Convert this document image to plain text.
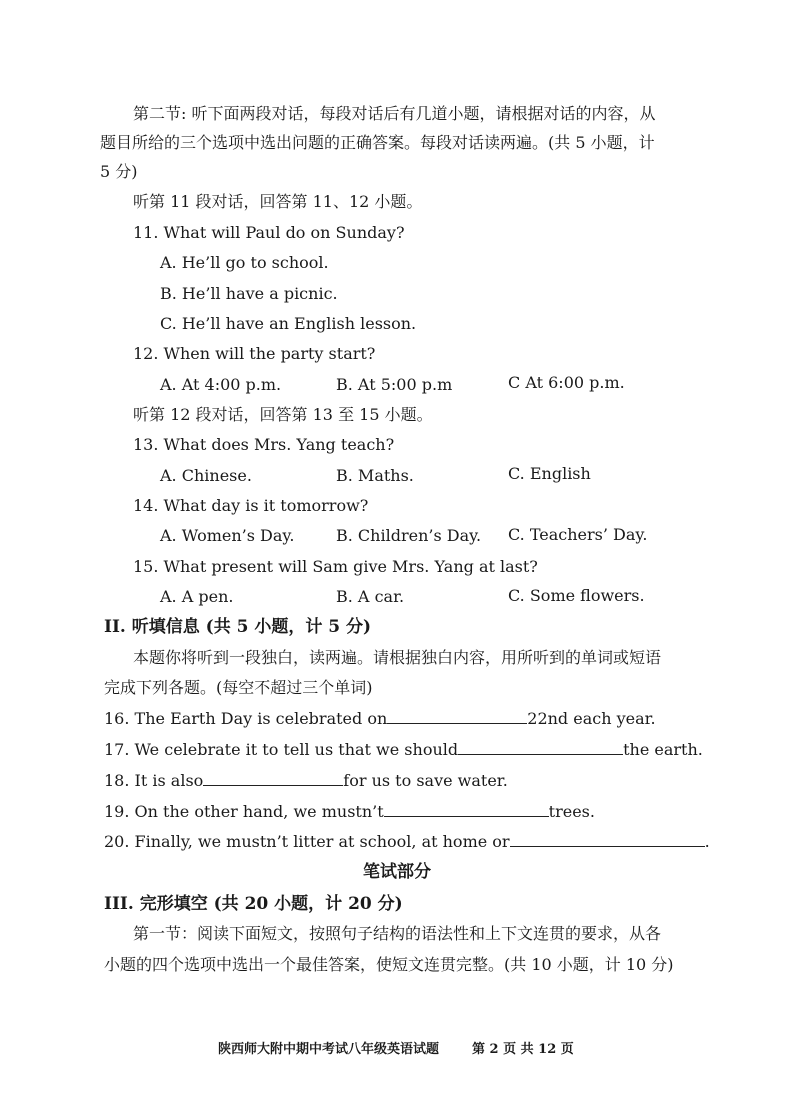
第二节: 听下面两段对话，每段对话后有几道小题，请根据对话的内容，从
题目所给的三个选项中选出问题的正确答案。每段对话读两遍。(共 5 小题，计
5 分)
听第 11 段对话，回答第 11、12 小题。
11. What will Paul do on Sunday?
A. He’ll go to school.
B. He’ll have a picnic.
C. He’ll have an English lesson.
12. When will the party start?
A. At 4:00 p.m.	B. At 5:00 p.m	C At 6:00 p.m.
听第 12 段对话，回答第 13 至 15 小题。
13. What does Mrs. Yang teach?
A. Chinese.	B. Maths.	C. English
14. What day is it tomorrow?
A. Women’s Day.	B. Children’s Day. C. Teachers’ Day.
15. What present will Sam give Mrs. Yang at last?
A. A pen.	B. A car.	C. Some flowers.
II. 听填信息 (共 5 小题，计 5 分)
本题你将听到一段独白，读两遍。请根据独白内容，用所听到的单词或短语
完成下列各题。(每空不超过三个单词)
16. The Earth Day is celebrated on	22nd each year.
17. We celebrate it to tell us that we should	the earth.
18. It is also	for us to save water.
19. On the other hand, we mustn’t	trees.
20. Finally, we mustn’t litter at school, at home or	.
笔试部分
III. 完形填空 (共 20 小题，计 20 分)
第一节：阅读下面短文，按照句子结构的语法性和上下文连贯的要求，从各
小题的四个选项中选出一个最佳答案，使短文连贯完整。(共 10 小题，计 10 分)
陕西师大附中期中考试八年级英语试题	第 2 页 共 12 页
